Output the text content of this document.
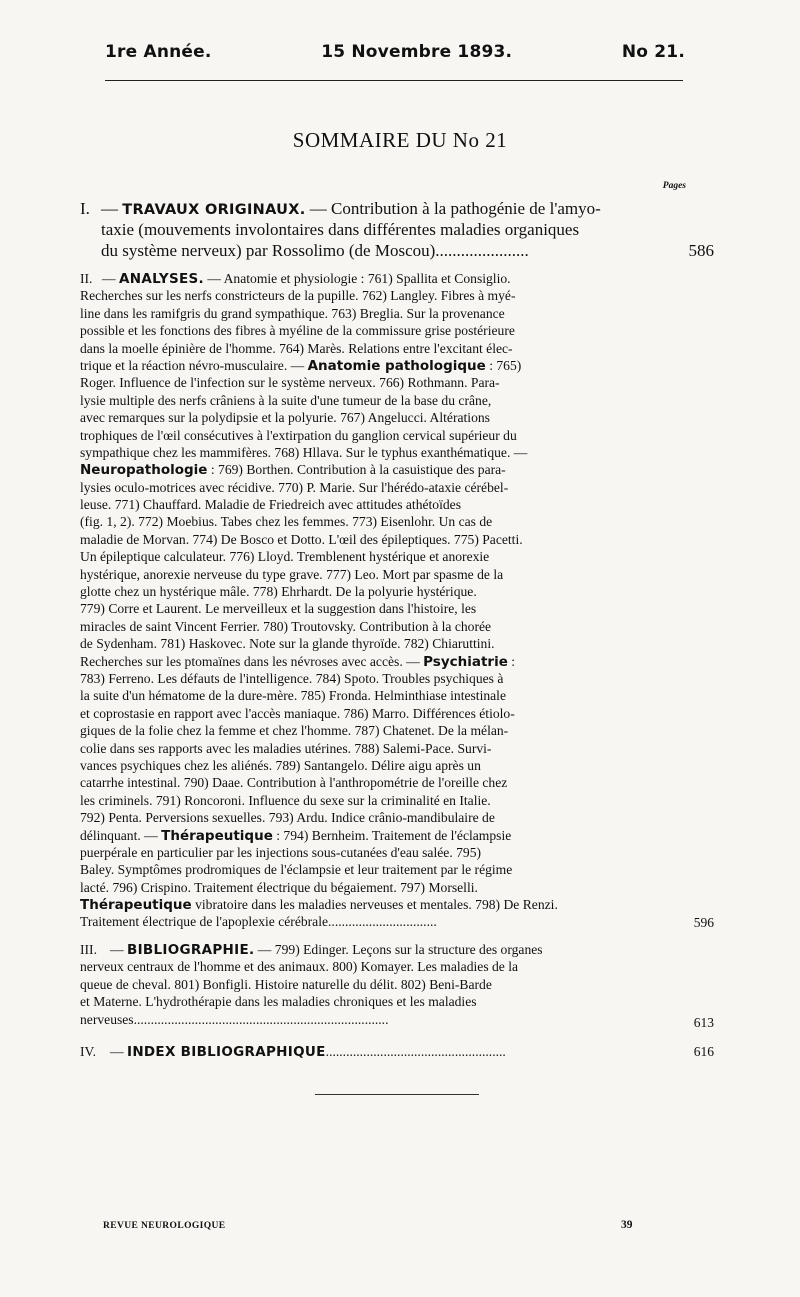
1re Année.	15 Novembre 1893.	No 21.
SOMMAIRE DU No 21
Pages
I. — TRAVAUX ORIGINAUX. — Contribution à la pathogénie de l'amyo-
taxie (mouvements involontaires dans différentes maladies organiques
du système nerveux) par Rossolimo (de Moscou)......................	586
II. — ANALYSES. — Anatomie et physiologie : 761) Spallita et Consiglio.
Recherches sur les nerfs constricteurs de la pupille. 762) Langley. Fibres à myé-
line dans les ramifgris du grand sympathique. 763) Breglia. Sur la provenance
possible et les fonctions des fibres à myéline de la commissure grise postérieure
dans la moelle épinière de l'homme. 764) Marès. Relations entre l'excitant élec-
trique et la réaction névro-musculaire. — Anatomie pathologique : 765)
Roger. Influence de l'infection sur le système nerveux. 766) Rothmann. Para-
lysie multiple des nerfs crâniens à la suite d'une tumeur de la base du crâne,
avec remarques sur la polydipsie et la polyurie. 767) Angelucci. Altérations
trophiques de l'œil consécutives à l'extirpation du ganglion cervical supérieur du
sympathique chez les mammifères. 768) Hllava. Sur le typhus exanthématique. —
Neuropathologie : 769) Borthen. Contribution à la casuistique des para-
lysies oculo-motrices avec récidive. 770) P. Marie. Sur l'hérédo-ataxie cérébel-
leuse. 771) Chauffard. Maladie de Friedreich avec attitudes athétoïdes
(fig. 1, 2). 772) Moebius. Tabes chez les femmes. 773) Eisenlohr. Un cas de
maladie de Morvan. 774) De Bosco et Dotto. L'œil des épileptiques. 775) Pacetti.
Un épileptique calculateur. 776) Lloyd. Tremblenent hystérique et anorexie
hystérique, anorexie nerveuse du type grave. 777) Leo. Mort par spasme de la
glotte chez un hystérique mâle. 778) Ehrhardt. De la polyurie hystérique.
779) Corre et Laurent. Le merveilleux et la suggestion dans l'histoire, les
miracles de saint Vincent Ferrier. 780) Troutovsky. Contribution à la chorée
de Sydenham. 781) Haskovec. Note sur la glande thyroïde. 782) Chiaruttini.
Recherches sur les ptomaïnes dans les névroses avec accès. — Psychiatrie :
783) Ferreno. Les défauts de l'intelligence. 784) Spoto. Troubles psychiques à
la suite d'un hématome de la dure-mère. 785) Fronda. Helminthiase intestinale
et coprostasie en rapport avec l'accès maniaque. 786) Marro. Différences étiolo-
giques de la folie chez la femme et chez l'homme. 787) Chatenet. De la mélan-
colie dans ses rapports avec les maladies utérines. 788) Salemi-Pace. Survi-
vances psychiques chez les aliénés. 789) Santangelo. Délire aigu après un
catarrhe intestinal. 790) Daae. Contribution à l'anthropométrie de l'oreille chez
les criminels. 791) Roncoroni. Influence du sexe sur la criminalité en Italie.
792) Penta. Perversions sexuelles. 793) Ardu. Indice crânio-mandibulaire de
délinquant. — Thérapeutique : 794) Bernheim. Traitement de l'éclampsie
puerpérale en particulier par les injections sous-cutanées d'eau salée. 795)
Baley. Symptômes prodromiques de l'éclampsie et leur traitement par le régime
lacté. 796) Crispino. Traitement électrique du bégaiement. 797) Morselli.
Thérapeutique vibratoire dans les maladies nerveuses et mentales. 798) De Renzi.
Traitement électrique de l'apoplexie cérébrale................................	596
III. — BIBLIOGRAPHIE. — 799) Edinger. Leçons sur la structure des organes
nerveux centraux de l'homme et des animaux. 800) Komayer. Les maladies de la
queue de cheval. 801) Bonfigli. Histoire naturelle du délit. 802) Beni-Barde
et Materne. L'hydrothérapie dans les maladies chroniques et les maladies
nerveuses...........................................................................	613
IV.	— INDEX BIBLIOGRAPHIQUE.....................................................	616
REVUE NEUROLOGIQUE	39
